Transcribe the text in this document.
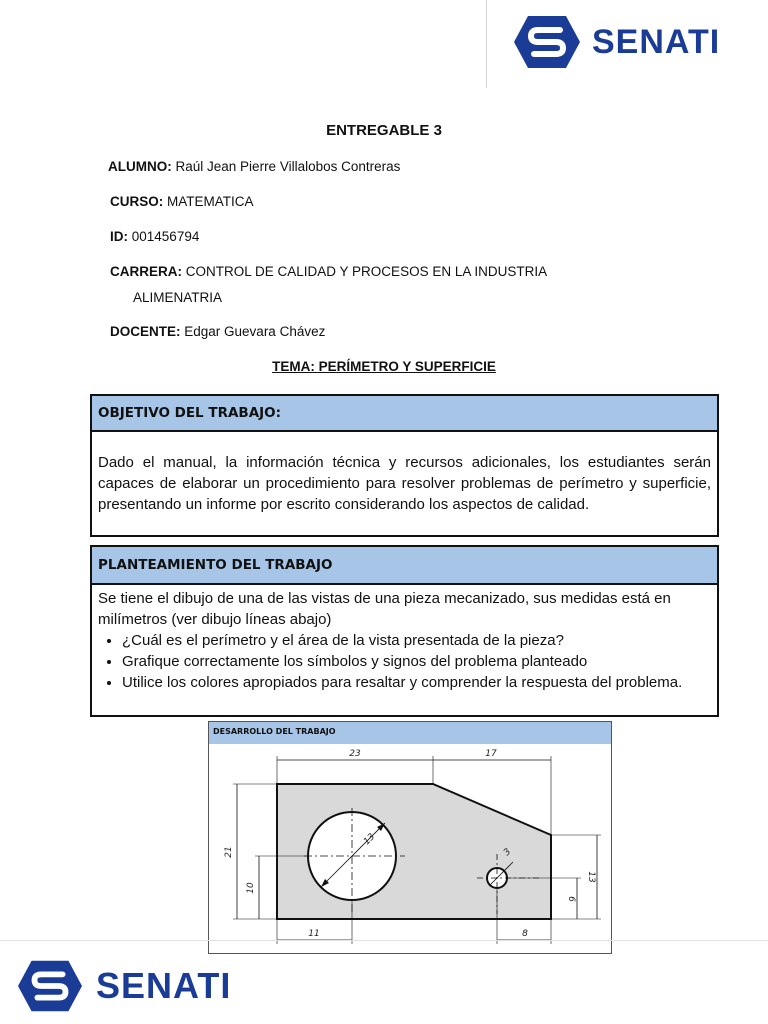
SENATI
ENTREGABLE 3
ALUMNO: Raúl Jean Pierre Villalobos Contreras
CURSO: MATEMATICA
ID: 001456794
CARRERA: CONTROL DE CALIDAD Y PROCESOS EN LA INDUSTRIA
ALIMENATRIA
DOCENTE: Edgar Guevara Chávez
TEMA: PERÍMETRO Y SUPERFICIE
OBJETIVO DEL TRABAJO:
Dado el manual, la información técnica y recursos adicionales, los estudiantes serán capaces de elaborar un procedimiento para resolver problemas de perímetro y superficie, presentando un informe por escrito considerando los aspectos de calidad.
PLANTEAMIENTO DEL TRABAJO
Se tiene el dibujo de una de las vistas de una pieza mecanizado, sus medidas está en milímetros (ver dibujo líneas abajo)
• ¿Cuál es el perímetro y el área de la vista presentada de la pieza?
• Grafique correctamente los símbolos y signos del problema planteado
• Utilice los colores apropiados para resaltar y comprender la respuesta del problema.
DESARROLLO DEL TRABAJO
13
3
23	17
21
10
13
6
11	8
SENATI
